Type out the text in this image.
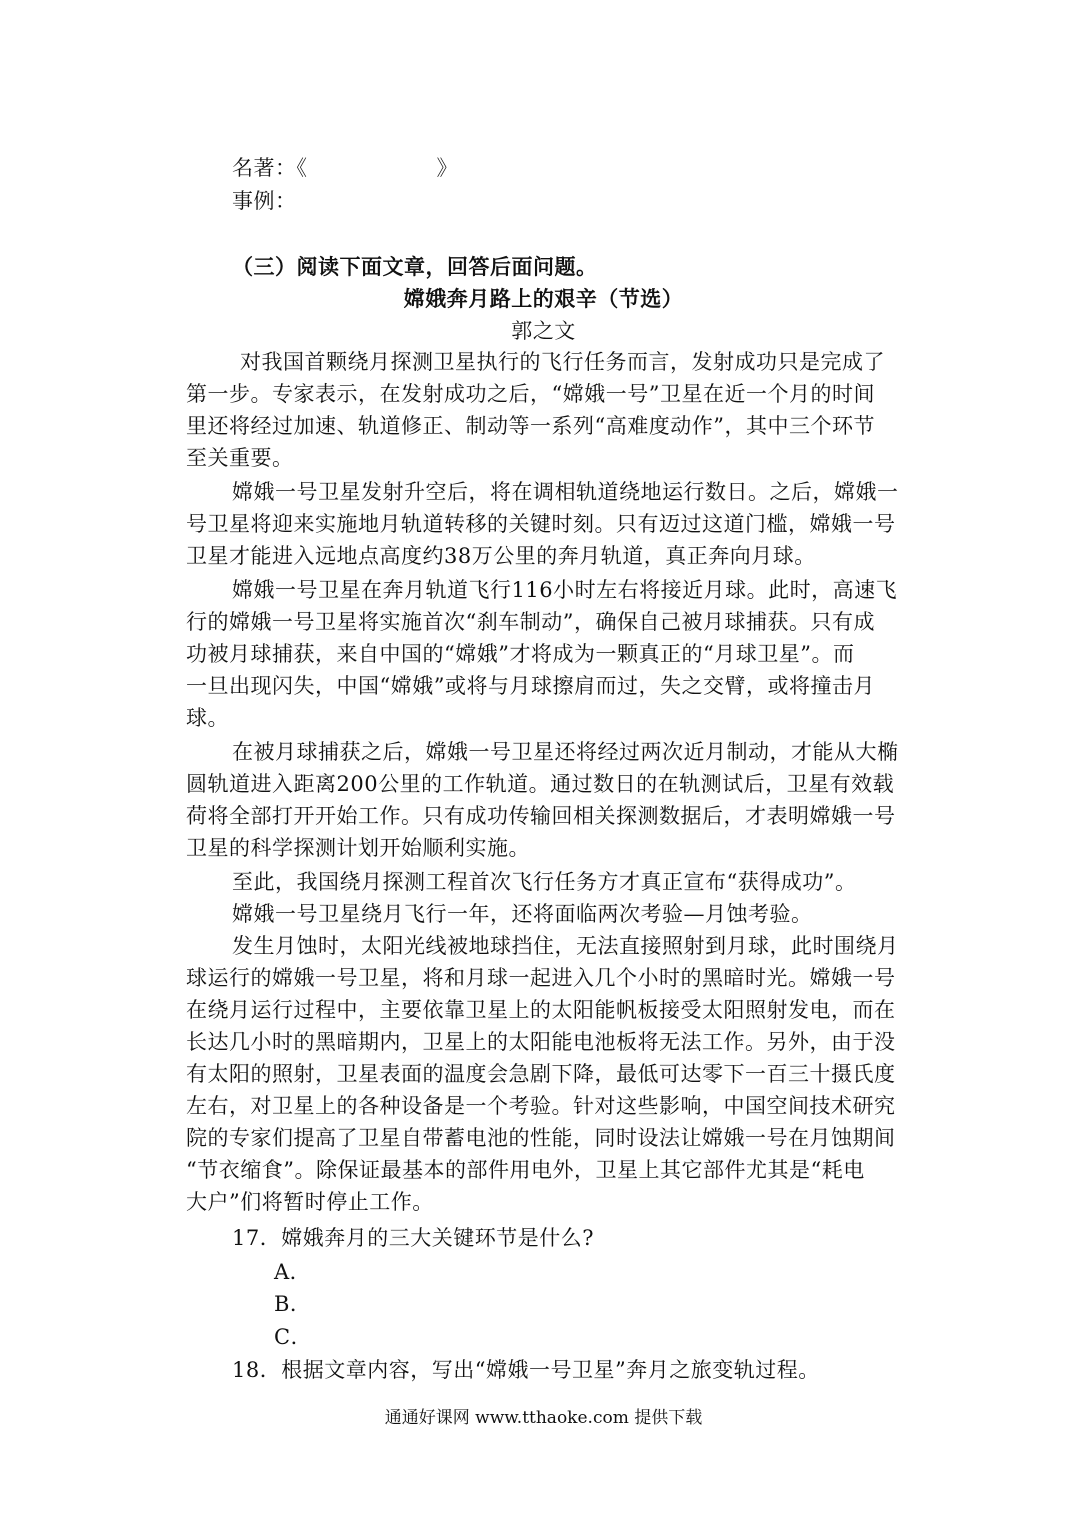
名著：《　　　　　　》
事例：
（三）阅读下面文章，回答后面问题。
嫦娥奔月路上的艰辛（节选）
郭之文
对我国首颗绕月探测卫星执行的飞行任务而言，发射成功只是完成了
第一步。专家表示，在发射成功之后，“嫦娥一号”卫星在近一个月的时间
里还将经过加速、轨道修正、制动等一系列“高难度动作”，其中三个环节
至关重要。
嫦娥一号卫星发射升空后，将在调相轨道绕地运行数日。之后，嫦娥一
号卫星将迎来实施地月轨道转移的关键时刻。只有迈过这道门槛，嫦娥一号
卫星才能进入远地点高度约38万公里的奔月轨道，真正奔向月球。
嫦娥一号卫星在奔月轨道飞行116小时左右将接近月球。此时，高速飞
行的嫦娥一号卫星将实施首次“刹车制动”，确保自己被月球捕获。只有成
功被月球捕获，来自中国的“嫦娥”才将成为一颗真正的“月球卫星”。而
一旦出现闪失，中国“嫦娥”或将与月球擦肩而过，失之交臂，或将撞击月
球。
在被月球捕获之后，嫦娥一号卫星还将经过两次近月制动，才能从大椭
圆轨道进入距离200公里的工作轨道。通过数日的在轨测试后，卫星有效载
荷将全部打开开始工作。只有成功传输回相关探测数据后，才表明嫦娥一号
卫星的科学探测计划开始顺利实施。
至此，我国绕月探测工程首次飞行任务方才真正宣布“获得成功”。
嫦娥一号卫星绕月飞行一年，还将面临两次考验—月蚀考验。
发生月蚀时，太阳光线被地球挡住，无法直接照射到月球，此时围绕月
球运行的嫦娥一号卫星，将和月球一起进入几个小时的黑暗时光。嫦娥一号
在绕月运行过程中，主要依靠卫星上的太阳能帆板接受太阳照射发电，而在
长达几小时的黑暗期内，卫星上的太阳能电池板将无法工作。另外，由于没
有太阳的照射，卫星表面的温度会急剧下降，最低可达零下一百三十摄氏度
左右，对卫星上的各种设备是一个考验。针对这些影响，中国空间技术研究
院的专家们提高了卫星自带蓄电池的性能，同时设法让嫦娥一号在月蚀期间
“节衣缩食”。除保证最基本的部件用电外，卫星上其它部件尤其是“耗电
大户”们将暂时停止工作。
17．嫦娥奔月的三大关键环节是什么?
A．
B．
C．
18．根据文章内容，写出“嫦娥一号卫星”奔月之旅变轨过程。
通通好课网 www.tthaoke.com 提供下载
